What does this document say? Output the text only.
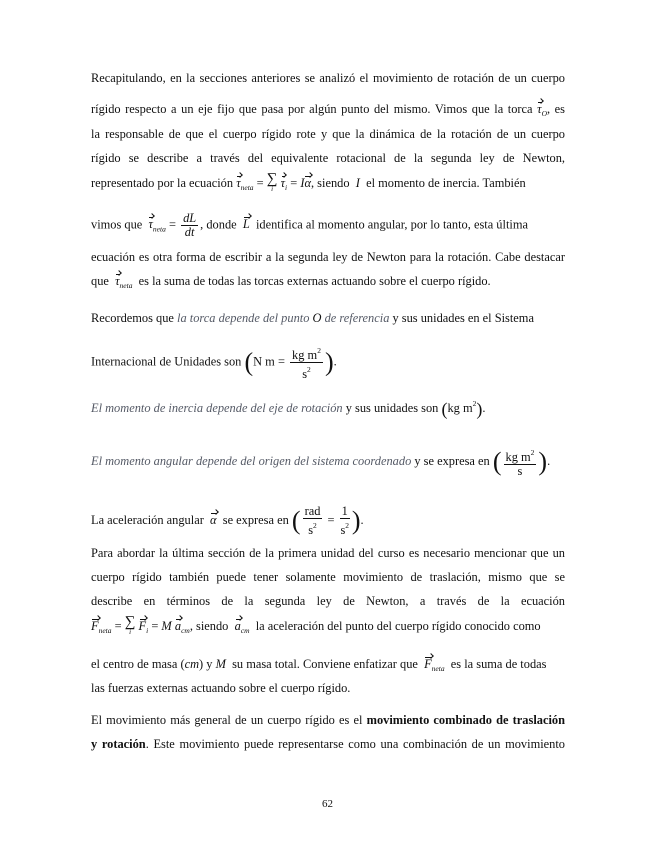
Recapitulando, en la secciones anteriores se analizó el movimiento de rotación de un cuerpo
rígido respecto a un eje fijo que pasa por algún punto del mismo. Vimos que la torca $\tau_O$, es
la responsable de que el cuerpo rígido rote y que la dinámica de la rotación de un cuerpo
rígido se describe a través del equivalente rotacional de la segunda ley de Newton,
representado por la ecuación $\tau_{neta}$ = ∑
i $\tau_i = I\alpha$, siendo I el momento de inercia. También
vimos que $\tau_{neta} = \frac{dL}{dt}$ , donde L identifica al momento angular, por lo tanto, esta última
ecuación es otra forma de escribir a la segunda ley de Newton para la rotación. Cabe destacar
que $\tau_{neta}$ es la suma de todas las torcas externas actuando sobre el cuerpo rígido.
Recordemos que la torca depende del punto O de referencia y sus unidades en el Sistema
Internacional de Unidades son (N $m = \frac{kg m^2}{s^2}$ ).
El momento de inercia depende del eje de rotación y sus unidades son (kg $m^2$).
El momento angular depende del origen del sistema coordenado y se expresa en ( $\frac{kg m^2}{s}$ ).
La aceleración angular α se expresa en ( $\frac{\text{rad}}{s^2} = \frac{1}{s^2}$ ).
Para abordar la última sección de la primera unidad del curso es necesario mencionar que un
cuerpo rígido también puede tener solamente movimiento de traslación, mismo que se
describe en términos de la segunda ley de Newton, a través de la ecuación
$F_{neta}$ = ∑
i $F_i = M$ $a_{cm}$, siendo $a_{cm}$ la aceleración del punto del cuerpo rígido conocido como
el centro de masa (cm) y M su masa total. Conviene enfatizar que $F_{neta}$ es la suma de todas
las fuerzas externas actuando sobre el cuerpo rígido.
El movimiento más general de un cuerpo rígido es el movimiento combinado de traslación
y rotación. Este movimiento puede representarse como una combinación de un movimiento
62
